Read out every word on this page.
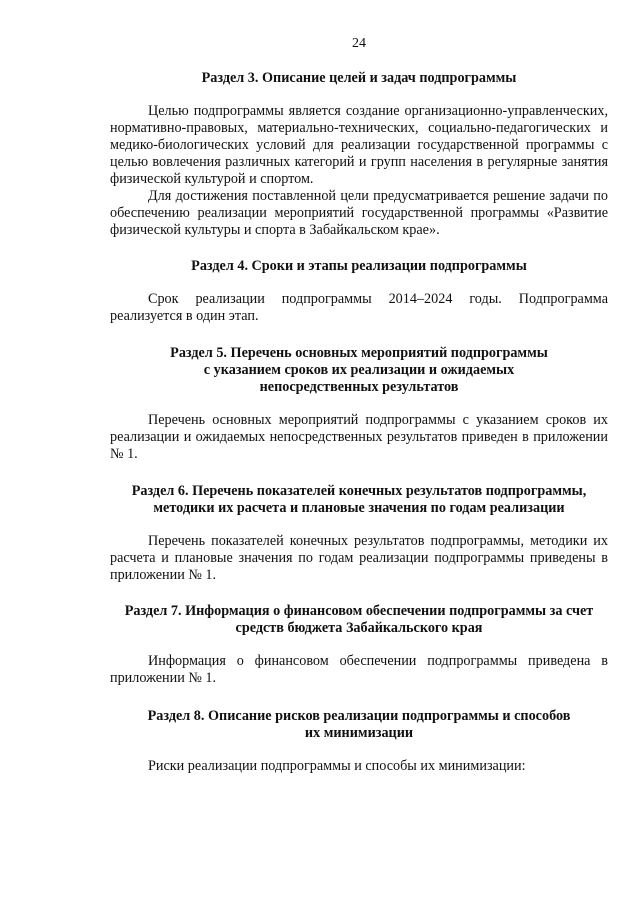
24
Раздел 3. Описание целей и задач подпрограммы

Целью подпрограммы является создание организационно-управленческих, нормативно-правовых, материально-технических, социально-педагогических и медико-биологических условий для реализации государственной программы с целью вовлечения различных категорий и групп населения в регулярные занятия физической культурой и спортом.

Для достижения поставленной цели предусматривается решение задачи по обеспечению реализации мероприятий государственной программы «Развитие физической культуры и спорта в Забайкальском крае».

Раздел 4. Сроки и этапы реализации подпрограммы

Срок реализации подпрограммы 2014–2024 годы. Подпрограмма реализуется в один этап.

Раздел 5. Перечень основных мероприятий подпрограммы
с указанием сроков их реализации и ожидаемых
непосредственных результатов

Перечень основных мероприятий подпрограммы с указанием сроков их реализации и ожидаемых непосредственных результатов приведен в приложении № 1.

Раздел 6. Перечень показателей конечных результатов подпрограммы,
методики их расчета и плановые значения по годам реализации

Перечень показателей конечных результатов подпрограммы, методики их расчета и плановые значения по годам реализации подпрограммы приведены в приложении № 1.

Раздел 7. Информация о финансовом обеспечении подпрограммы за счет
средств бюджета Забайкальского края

Информация о финансовом обеспечении подпрограммы приведена в приложении № 1.

Раздел 8. Описание рисков реализации подпрограммы и способов
их минимизации

Риски реализации подпрограммы и способы их минимизации:
